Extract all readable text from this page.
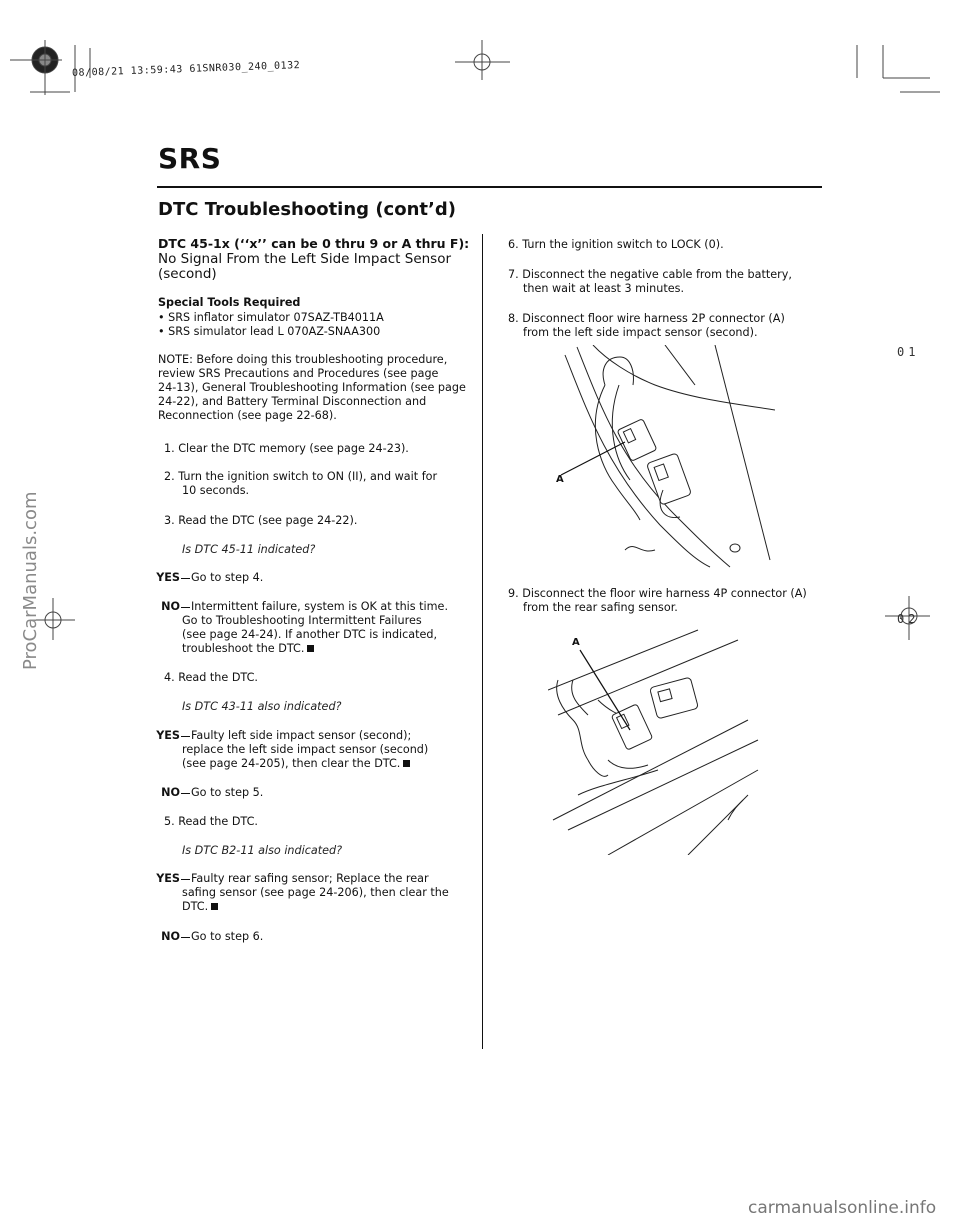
08/08/21 13:59:43 61SNR030_240_0132
SRS
DTC Troubleshooting (cont’d)
DTC 45-1x (‘‘x’’ can be 0 thru 9 or A thru F):
No Signal From the Left Side Impact Sensor
(second)
Special Tools Required
• SRS inflator simulator 07SAZ-TB4011A
• SRS simulator lead L 070AZ-SNAA300
NOTE: Before doing this troubleshooting procedure,
review SRS Precautions and Procedures (see page
24-13), General Troubleshooting Information (see page
24-22), and Battery Terminal Disconnection and
Reconnection (see page 22-68).
1. Clear the DTC memory (see page 24-23).
2. Turn the ignition switch to ON (II), and wait for
10 seconds.
3. Read the DTC (see page 24-22).
Is DTC 45-11 indicated?
YES Go to step 4.
NO Intermittent failure, system is OK at this time.
Go to Troubleshooting Intermittent Failures
(see page 24-24). If another DTC is indicated,
troubleshoot the DTC.
4. Read the DTC.
Is DTC 43-11 also indicated?
YES Faulty left side impact sensor (second);
replace the left side impact sensor (second)
(see page 24-205), then clear the DTC.
NO Go to step 5.
5. Read the DTC.
Is DTC B2-11 also indicated?
YES Faulty rear safing sensor; Replace the rear
safing sensor (see page 24-206), then clear the
DTC.
NO Go to step 6.
6. Turn the ignition switch to LOCK (0).
7. Disconnect the negative cable from the battery,
then wait at least 3 minutes.
8. Disconnect floor wire harness 2P connector (A)
from the left side impact sensor (second).
A
9. Disconnect the floor wire harness 4P connector (A)
from the rear safing sensor.
A
01
02
ProCarManuals.com
carmanualsonline.info
